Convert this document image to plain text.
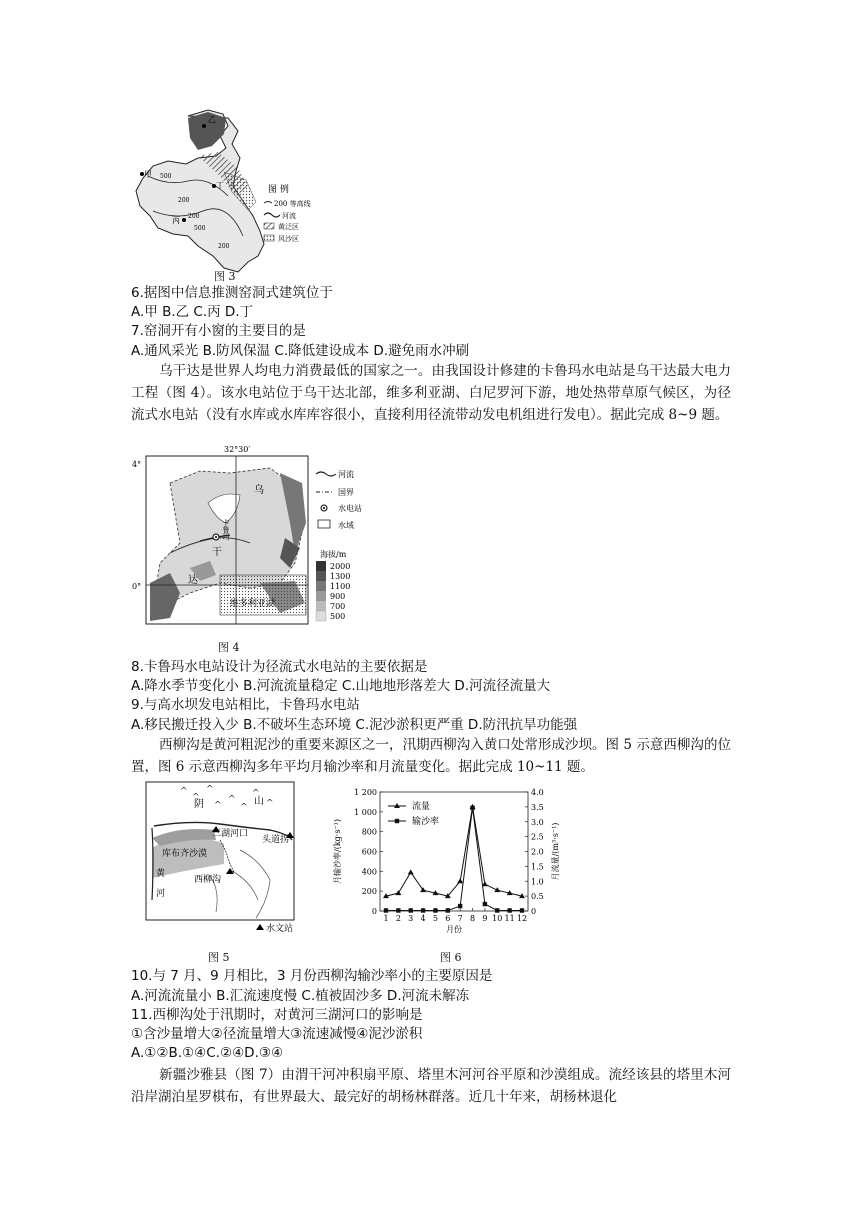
甲
乙
丙
丁
500
200
200
500
200
图 例
200 等高线
河流
黄泛区
风沙区
图 3
6.据图中信息推测窑洞式建筑位于
A.甲 B.乙 C.丙 D.丁
7.窑洞开有小窗的主要目的是
A.通风采光 B.防风保温 C.降低建设成本 D.避免雨水冲刷
乌干达是世界人均电力消费最低的国家之一。由我国设计修建的卡鲁玛水电站是乌干达最大电力工程（图 4）。该水电站位于乌干达北部，维多利亚湖、白尼罗河下游，地处热带草原气候区，为径流式水电站（没有水库或水库库容很小，直接利用径流带动发电机组进行发电）。据此完成 8~9 题。
32°30′
4°
0°
乌
干
达
卡鲁玛
维多利亚湖
河流
国界
水电站
水域
海拔/m
2000
1300
1100
900
700
500
图 4
8.卡鲁玛水电站设计为径流式水电站的主要依据是
A.降水季节变化小 B.河流流量稳定 C.山地地形落差大 D.河流径流量大
9.与高水坝发电站相比，卡鲁玛水电站
A.移民搬迁投入少 B.不破坏生态环境 C.泥沙淤积更严重 D.防汛抗旱功能强
西柳沟是黄河粗泥沙的重要来源区之一，汛期西柳沟入黄口处常形成沙坝。图 5 示意西柳沟的位置，图 6 示意西柳沟多年平均月输沙率和月流量变化。据此完成 10~11 题。
^
^
^
^
^
^
^
^
阴	山
三湖河口
头道拐
库布齐沙漠
黄
河
西柳沟
水文站
图 5
0
200
400
600
800
1 000
1 200
0
0.5
1.0
1.5
2.0
2.5
3.0
3.5
4.0
1 2 3 4 5 6 7 8 9 10 11 12
月份
月输沙率/(kg·s⁻¹)	月流量/(m³·s⁻¹)
流量
输沙率
图 6
10.与 7 月、9 月相比，3 月份西柳沟输沙率小的主要原因是
A.河流流量小 B.汇流速度慢 C.植被固沙多 D.河流未解冻
11.西柳沟处于汛期时，对黄河三湖河口的影响是
①含沙量增大②径流量增大③流速减慢④泥沙淤积
A.①②B.①④C.②④D.③④
新疆沙雅县（图 7）由渭干河冲积扇平原、塔里木河河谷平原和沙漠组成。流经该县的塔里木河沿岸湖泊星罗棋布，有世界最大、最完好的胡杨林群落。近几十年来，胡杨林退化
